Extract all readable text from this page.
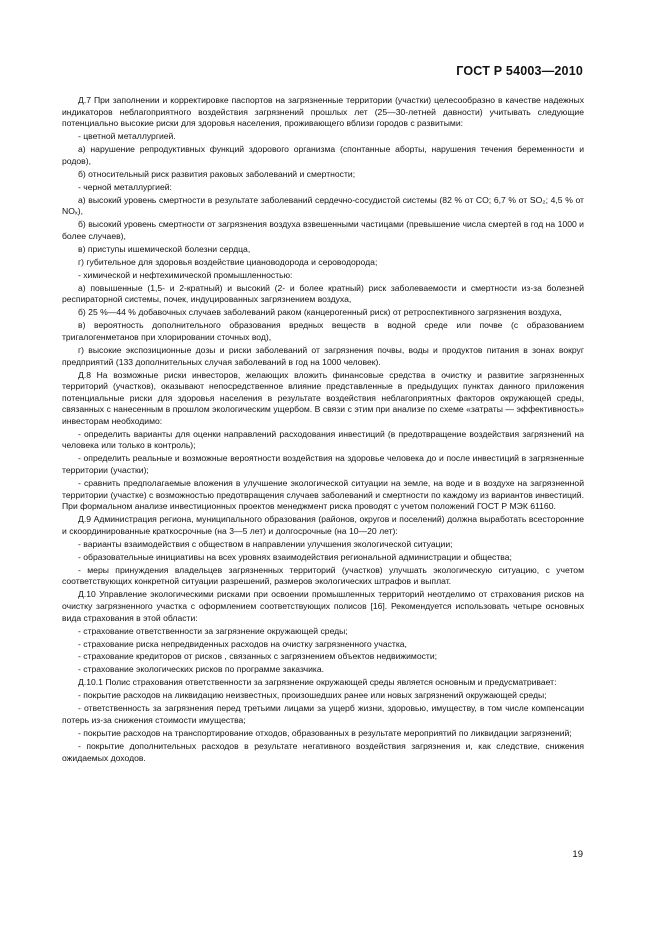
ГОСТ Р 54003—2010

Д.7 При заполнении и корректировке паспортов на загрязненные территории (участки) целесообразно в качестве надежных индикаторов неблагоприятного воздействия загрязнений прошлых лет (25—30-летней давности) учитывать следующие потенциально высокие риски для здоровья населения, проживающего вблизи городов с развитыми:

- цветной металлургией.

а) нарушение репродуктивных функций здорового организма (спонтанные аборты, нарушения течения беременности и родов),

б) относительный риск развития раковых заболеваний и смертности;

- черной металлургией:

а) высокий уровень смертности в результате заболеваний сердечно-сосудистой системы (82 % от CO; 6,7 % от SO₂; 4,5 % от NOₓ),

б) высокий уровень смертности от загрязнения воздуха взвешенными частицами (превышение числа смертей в год на 1000 и более случаев),

в) приступы ишемической болезни сердца,

г) губительное для здоровья воздействие циановодорода и сероводорода;

- химической и нефтехимической промышленностью:

а) повышенные (1,5- и 2-кратный) и высокий (2- и более кратный) риск заболеваемости и смертности из-за болезней респираторной системы, почек, индуцированных загрязнением воздуха,

б) 25 %—44 % добавочных случаев заболеваний раком (канцерогенный риск) от ретроспективного загрязнения воздуха,

в) вероятность дополнительного образования вредных веществ в водной среде или почве (с образованием тригалогенметанов при хлорировании сточных вод),

г) высокие экспозиционные дозы и риски заболеваний от загрязнения почвы, воды и продуктов питания в зонах вокруг предприятий (133 дополнительных случая заболеваний в год на 1000 человек).

Д.8 На возможные риски инвесторов, желающих вложить финансовые средства в очистку и развитие загрязненных территорий (участков), оказывают непосредственное влияние представленные в предыдущих пунктах данного приложения потенциальные риски для здоровья населения в результате воздействия неблагоприятных факторов окружающей среды, связанных с нанесенным в прошлом экологическим ущербом. В связи с этим при анализе по схеме «затраты — эффективность» инвесторам необходимо:

- определить варианты для оценки направлений расходования инвестиций (в предотвращение воздействия загрязнений на человека или только в контроль);

- определить реальные и возможные вероятности воздействия на здоровье человека до и после инвестиций в загрязненные территории (участки);

- сравнить предполагаемые вложения в улучшение экологической ситуации на земле, на воде и в воздухе на загрязненной территории (участке) с возможностью предотвращения случаев заболеваний и смертности по каждому из вариантов инвестиций. При формальном анализе инвестиционных проектов менеджмент риска проводят с учетом положений ГОСТ Р МЭК 61160.

Д.9 Администрация региона, муниципального образования (районов, округов и поселений) должна выработать всесторонние и скоординированные краткосрочные (на 3—5 лет) и долгосрочные (на 10—20 лет):

- варианты взаимодействия с обществом в направлении улучшения экологической ситуации;

- образовательные инициативы на всех уровнях взаимодействия региональной администрации и общества;

- меры принуждения владельцев загрязненных территорий (участков) улучшать экологическую ситуацию, с учетом соответствующих конкретной ситуации разрешений, размеров экологических штрафов и выплат.

Д.10 Управление экологическими рисками при освоении промышленных территорий неотделимо от страхования рисков на очистку загрязненного участка с оформлением соответствующих полисов [16]. Рекомендуется использовать четыре основных вида страхования в этой области:

- страхование ответственности за загрязнение окружающей среды;

- страхование риска непредвиденных расходов на очистку загрязненного участка,

- страхование кредиторов от рисков , связанных с загрязнением объектов недвижимости;

- страхование экологических рисков по программе заказчика.

Д.10.1 Полис страхования ответственности за загрязнение окружающей среды является основным и предусматривает:

- покрытие расходов на ликвидацию неизвестных, произошедших ранее или новых загрязнений окружающей среды;

- ответственность за загрязнения перед третьими лицами за ущерб жизни, здоровью, имуществу, в том числе компенсации потерь из-за снижения стоимости имущества;

- покрытие расходов на транспортирование отходов, образованных в результате мероприятий по ликвидации загрязнений;

- покрытие дополнительных расходов в результате негативного воздействия загрязнения и, как следствие, снижения ожидаемых доходов.

19
